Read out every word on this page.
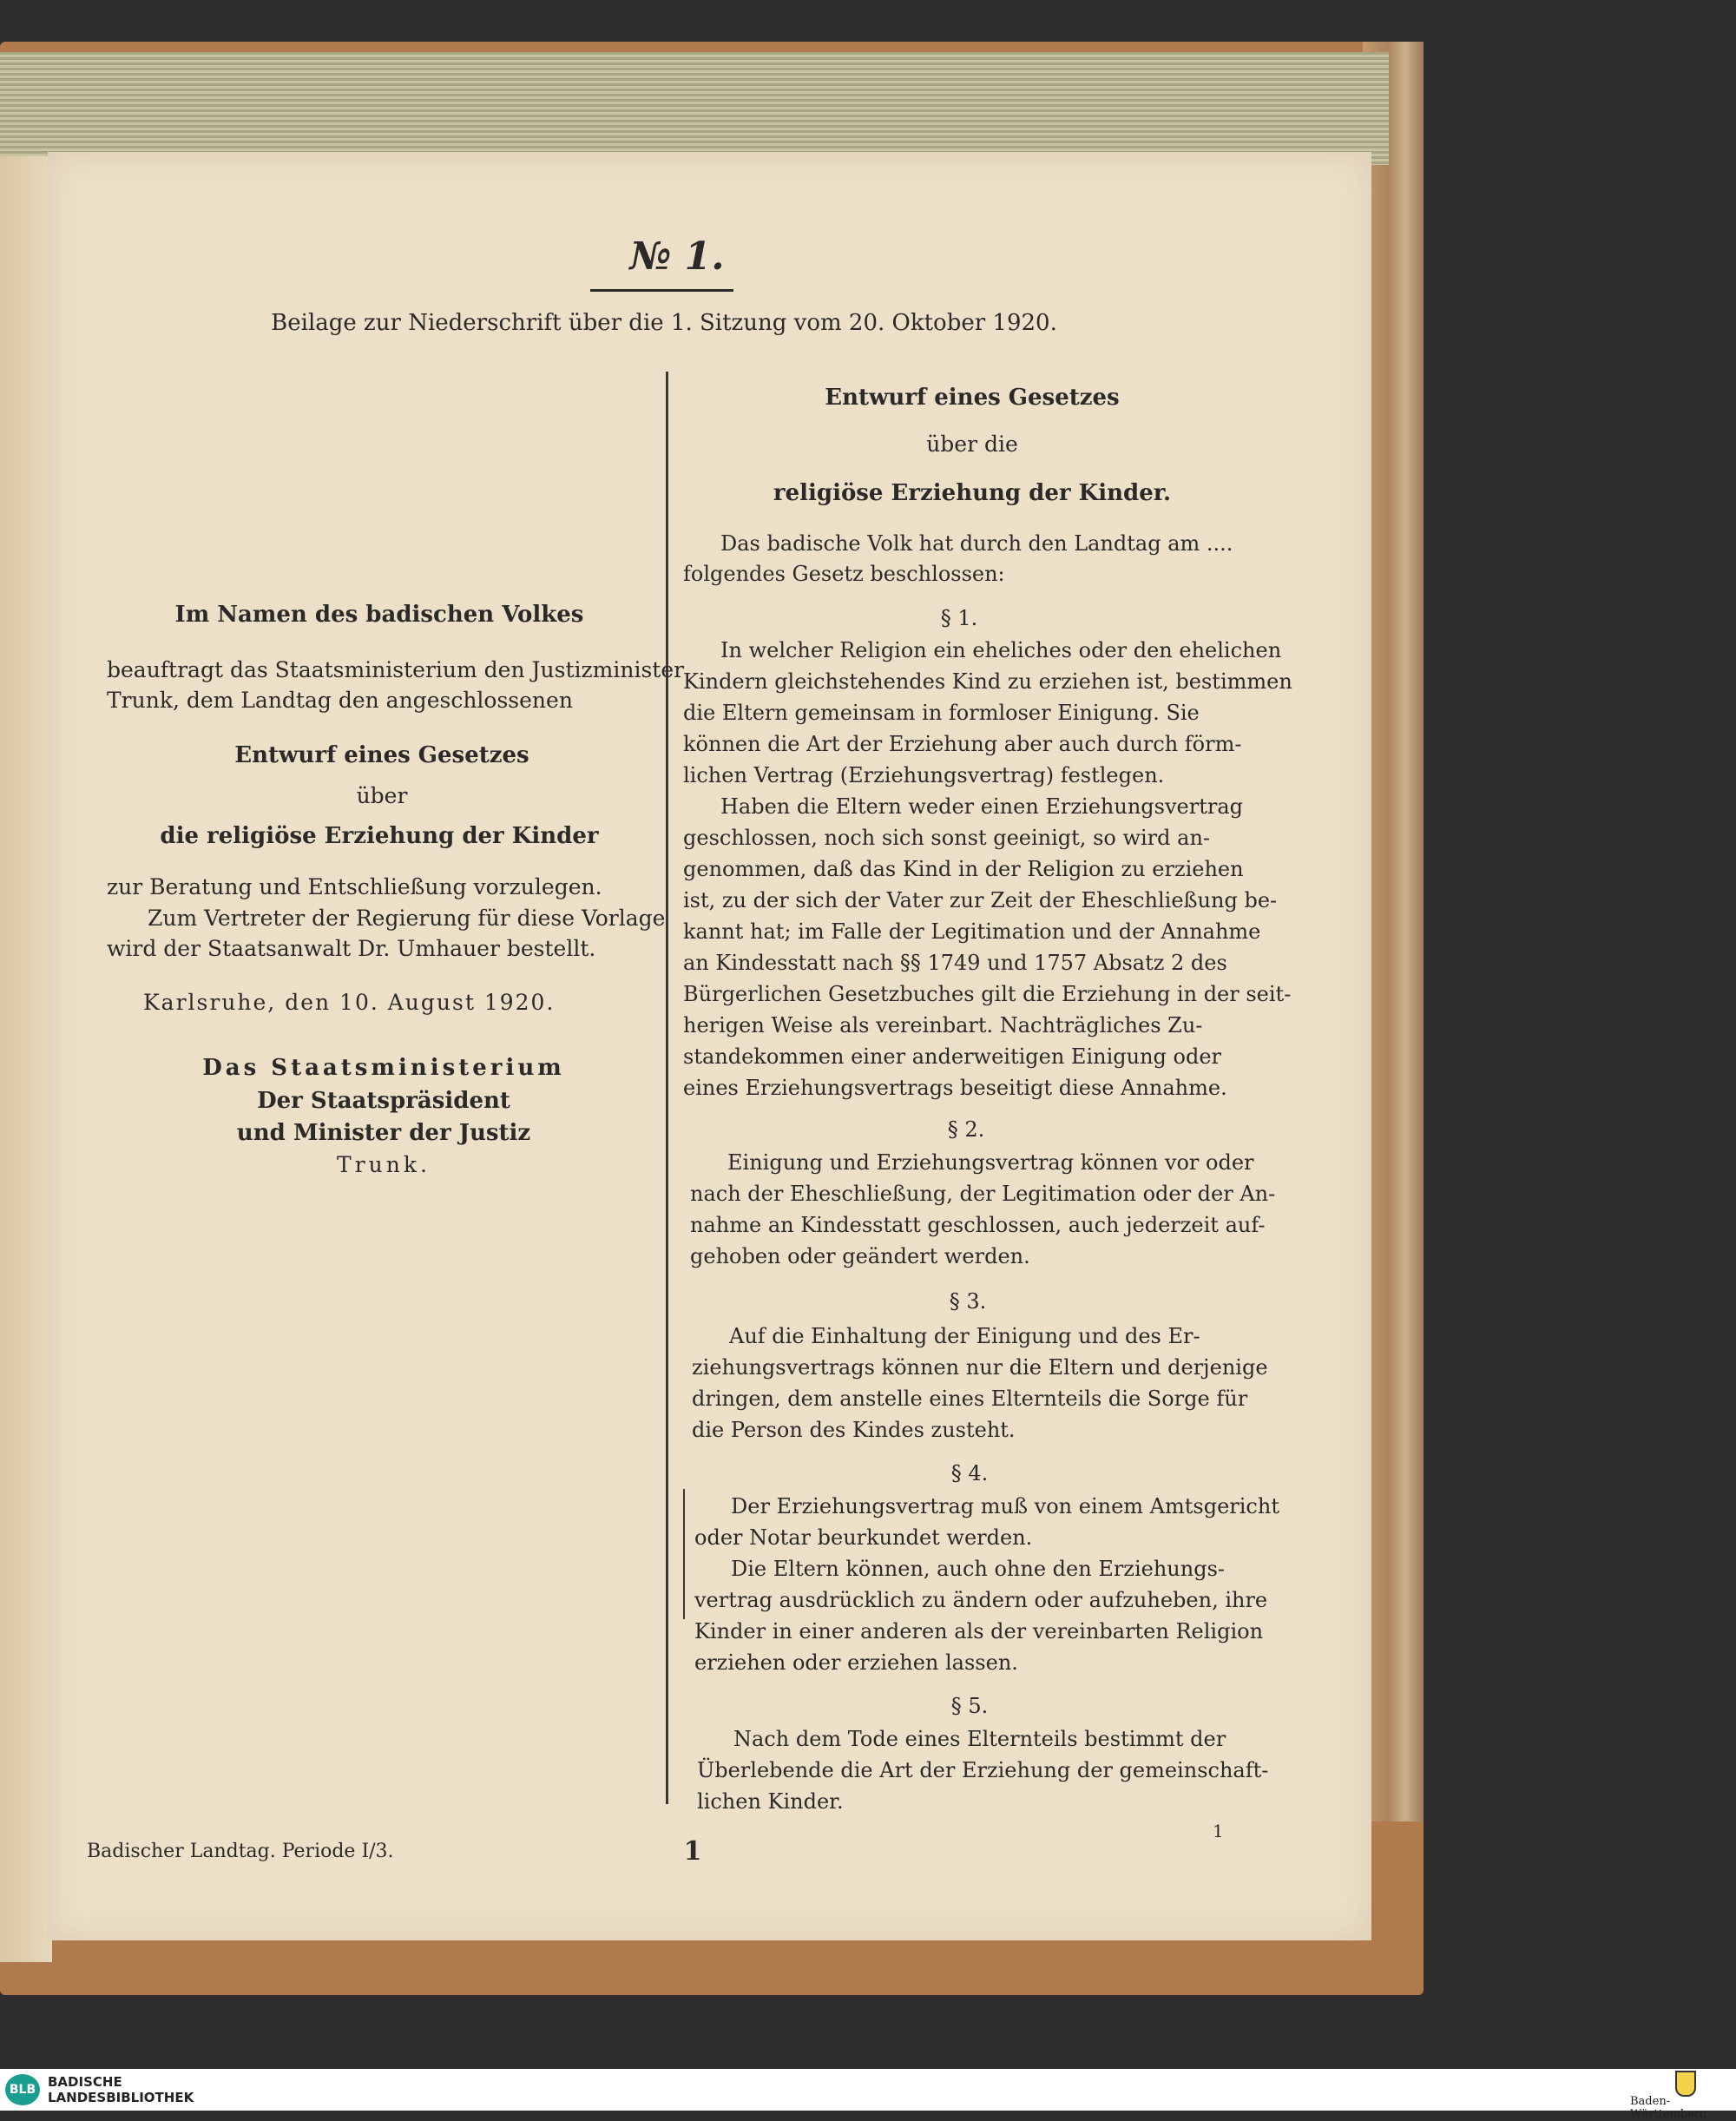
№ 1.
Beilage zur Niederschrift über die 1. Sitzung vom 20. Oktober 1920.
Im Namen des badischen Volkes
beauftragt das Staatsministerium den Justizminister
Trunk, dem Landtag den angeschlossenen
Entwurf eines Gesetzes
über
die religiöse Erziehung der Kinder
zur Beratung und Entschließung vorzulegen.
Zum Vertreter der Regierung für diese Vorlage
wird der Staatsanwalt Dr. Umhauer bestellt.
Karlsruhe, den 10. August 1920.
Das Staatsministerium
Der Staatspräsident
und Minister der Justiz
Trunk.
Entwurf eines Gesetzes
über die
religiöse Erziehung der Kinder.
Das badische Volk hat durch den Landtag am ....
folgendes Gesetz beschlossen:
§ 1.
In welcher Religion ein eheliches oder den ehelichen
Kindern gleichstehendes Kind zu erziehen ist, bestimmen
die Eltern gemeinsam in formloser Einigung. Sie
können die Art der Erziehung aber auch durch förm-
lichen Vertrag (Erziehungsvertrag) festlegen.
Haben die Eltern weder einen Erziehungsvertrag
geschlossen, noch sich sonst geeinigt, so wird an-
genommen, daß das Kind in der Religion zu erziehen
ist, zu der sich der Vater zur Zeit der Eheschließung be-
kannt hat; im Falle der Legitimation und der Annahme
an Kindesstatt nach §§ 1749 und 1757 Absatz 2 des
Bürgerlichen Gesetzbuches gilt die Erziehung in der seit-
herigen Weise als vereinbart. Nachträgliches Zu-
standekommen einer anderweitigen Einigung oder
eines Erziehungsvertrags beseitigt diese Annahme.
§ 2.
Einigung und Erziehungsvertrag können vor oder
nach der Eheschließung, der Legitimation oder der An-
nahme an Kindesstatt geschlossen, auch jederzeit auf-
gehoben oder geändert werden.
§ 3.
Auf die Einhaltung der Einigung und des Er-
ziehungsvertrags können nur die Eltern und derjenige
dringen, dem anstelle eines Elternteils die Sorge für
die Person des Kindes zusteht.
§ 4.
Der Erziehungsvertrag muß von einem Amtsgericht
oder Notar beurkundet werden.
Die Eltern können, auch ohne den Erziehungs-
vertrag ausdrücklich zu ändern oder aufzuheben, ihre
Kinder in einer anderen als der vereinbarten Religion
erziehen oder erziehen lassen.
§ 5.
Nach dem Tode eines Elternteils bestimmt der
Überlebende die Art der Erziehung der gemeinschaft-
lichen Kinder.
Badischer Landtag. Periode I/3.	1
1
BLB BADISCHE
LANDESBIBLIOTHEK	Baden-Württemberg
